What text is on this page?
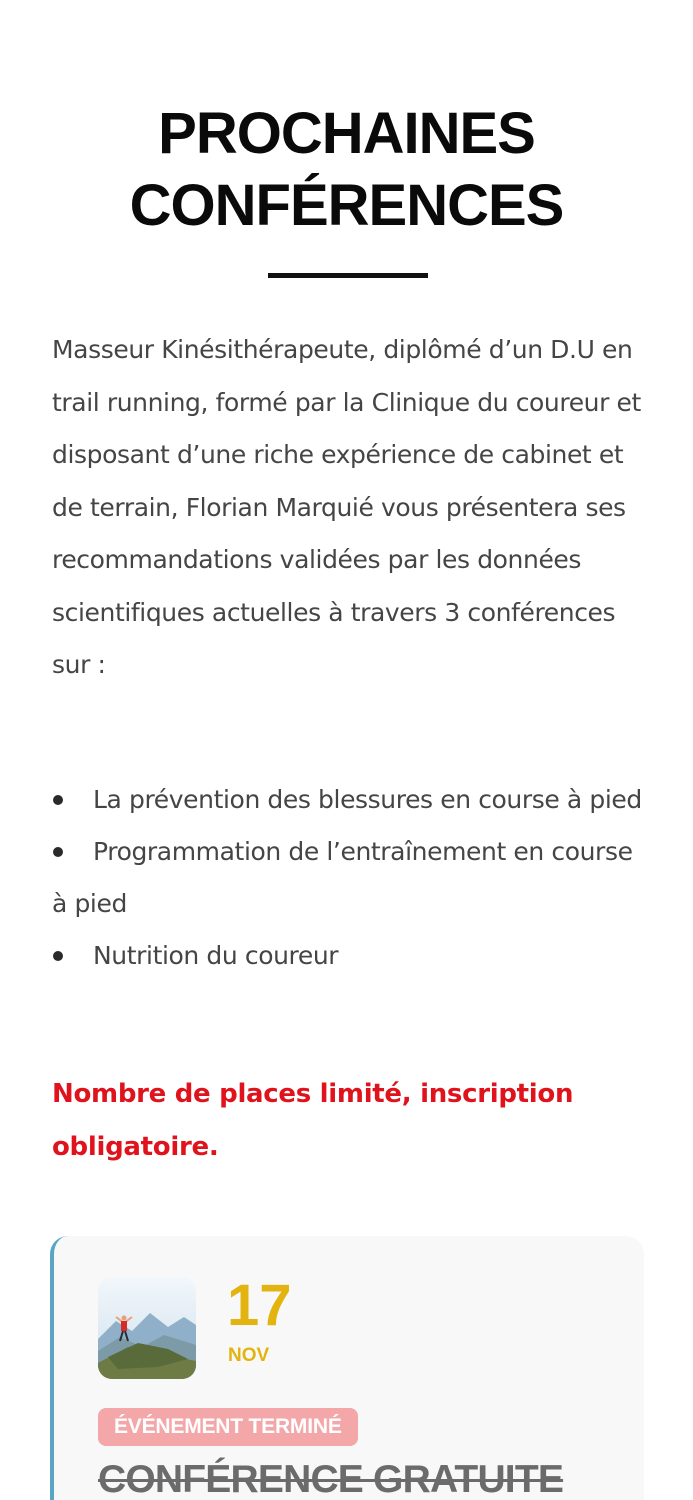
PROCHAINES
CONFÉRENCES

Masseur Kinésithérapeute, diplômé d’un D.U en trail running, formé par la Clinique du coureur et disposant d’une riche expérience de cabinet et de terrain, Florian Marquié vous présentera ses recommandations validées par les données scientifiques actuelles à travers 3 conférences sur :

La prévention des blessures en course à pied
Programmation de l’entraînement en course à pied
Nutrition du coureur

Nombre de places limité, inscription obligatoire.

17
NOV
ÉVÉNEMENT TERMINÉ
CONFÉRENCE GRATUITE
